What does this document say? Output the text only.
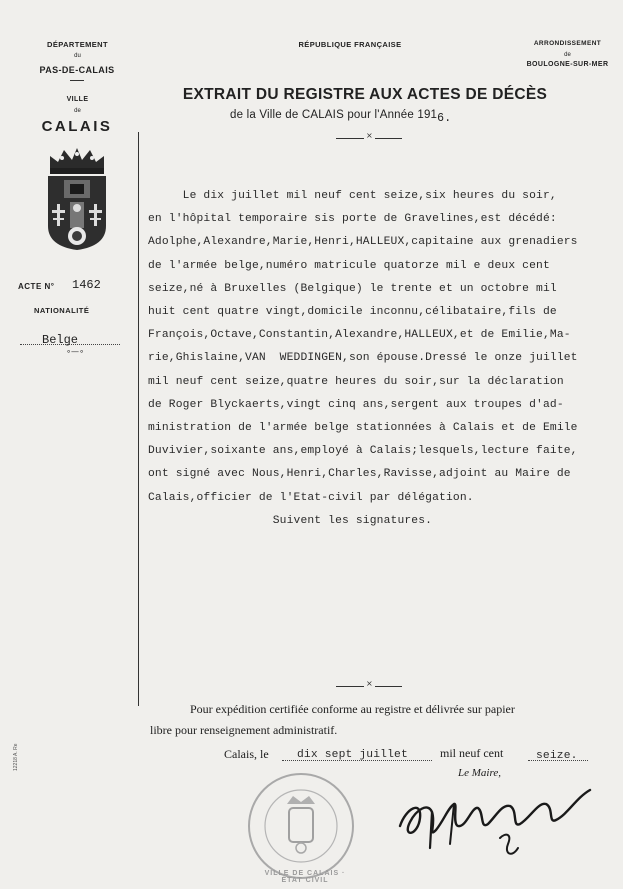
DÉPARTEMENT
du
PAS-DE-CALAIS
VILLE
de
CALAIS
ACTE N° 1462
NATIONALITÉ
Belge
∘—∘
12218 A. Re
RÉPUBLIQUE FRANÇAISE
EXTRAIT DU REGISTRE AUX ACTES DE DÉCÈS
de la Ville de CALAIS pour l'Année 1916.
⨯
ARRONDISSEMENT
de
BOULOGNE-SUR-MER
Le dix juillet mil neuf cent seize,six heures du soir,
en l'hôpital temporaire sis porte de Gravelines,est décédé:
Adolphe,Alexandre,Marie,Henri,HALLEUX,capitaine aux grenadiers
de l'armée belge,numéro matricule quatorze mil e deux cent
seize,né à Bruxelles (Belgique) le trente et un octobre mil
huit cent quatre vingt,domicile inconnu,célibataire,fils de
François,Octave,Constantin,Alexandre,HALLEUX,et de Emilie,Ma-
rie,Ghislaine,VAN  WEDDINGEN,son épouse.Dressé le onze juillet
mil neuf cent seize,quatre heures du soir,sur la déclaration
de Roger Blyckaerts,vingt cinq ans,sergent aux troupes d'ad-
ministration de l'armée belge stationnées à Calais et de Emile
Duvivier,soixante ans,employé à Calais;lesquels,lecture faite,
ont signé avec Nous,Henri,Charles,Ravisse,adjoint au Maire de
Calais,officier de l'Etat-civil par délégation.
Suivent les signatures.
⨯
Pour expédition certifiée conforme au registre et délivrée sur papier
libre pour renseignement administratif.
Calais, le	dix sept juillet	mil neuf cent	seize.
Le Maire,
VILLE DE CALAIS · ÉTAT CIVIL
